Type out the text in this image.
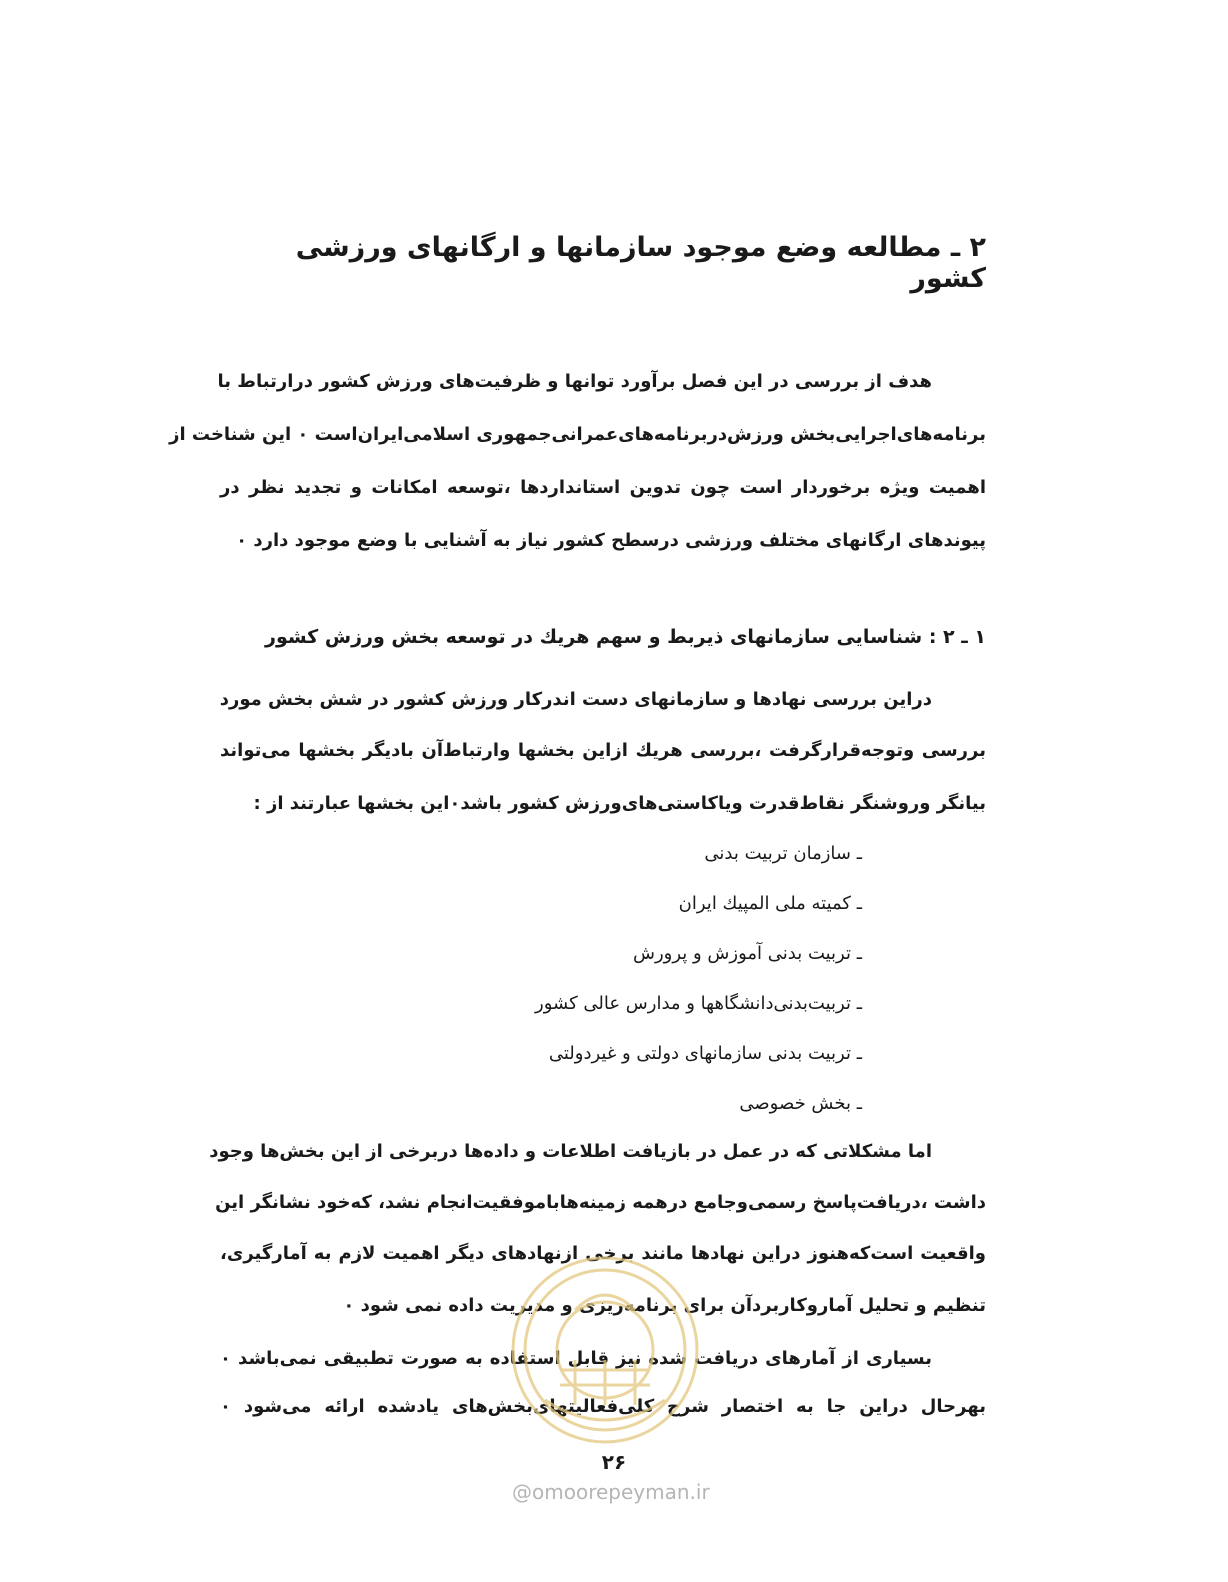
۲ ـ مطالعه وضع موجود سازمانها و ارگانهای ورزشی کشور
هدف از بررسی در این فصل برآورد توانها و ظرفیت‌های ورزش کشور درارتباط با
برنامه‌های‌اجرایی‌بخش ورزش‌دربرنامه‌های‌عمرانی‌جمهوری اسلامی‌ایران‌است ۰ این شناخت از
اهمیت ویژه برخوردار است چون تدوین استانداردها ،توسعه امکانات و تجدید نظر در
پیوندهای ارگانهای مختلف ورزشی درسطح کشور نیاز به آشنایی با وضع موجود دارد ۰
۱ ـ ۲ : شناسایی سازمانهای ذیربط و سهم هریك در توسعه بخش ورزش کشور
دراین بررسی نهادها و سازمانهای دست اندرکار ورزش کشور در شش بخش مورد
بررسی وتوجه‌قرارگرفت ،بررسی هریك ازاین بخشها وارتباط‌آن بادیگر بخشها می‌تواند
بیانگر وروشنگر نقاط‌قدرت ویاکاستی‌های‌ورزش کشور باشد۰این بخشها عبارتند از :
ـ سازمان تربیت بدنی
ـ کمیته ملی المپیك ایران
ـ تربیت بدنی آموزش و پرورش
ـ تربیت‌بدنی‌دانشگاهها و مدارس عالی کشور
ـ تربیت بدنی سازمانهای دولتی و غیردولتی
ـ بخش خصوصی
اما مشکلاتی که در عمل در بازیافت اطلاعات و داده‌ها دربرخی از این بخش‌ها وجود
داشت ،دریافت‌پاسخ رسمی‌وجامع درهمه زمینه‌هاباموفقیت‌انجام نشد، که‌خود نشانگر این
واقعیت است‌که‌هنوز دراین نهادها مانند برخی ازنهادهای دیگر اهمیت لازم به آمارگیری،
تنظیم و تحلیل آمارو‌کاربردآن برای برنامه‌ریزی و مدیریت داده نمی شود ۰
بسیاری از آمارهای دریافت شده نیز قابل استفاده به صورت تطبیقی نمی‌باشد ۰
بهرحال دراین جا به اختصار شرح کلی‌فعالیتهای‌بخش‌های یادشده ارائه می‌شود ۰
۲۶
@omoorepeyman.ir
